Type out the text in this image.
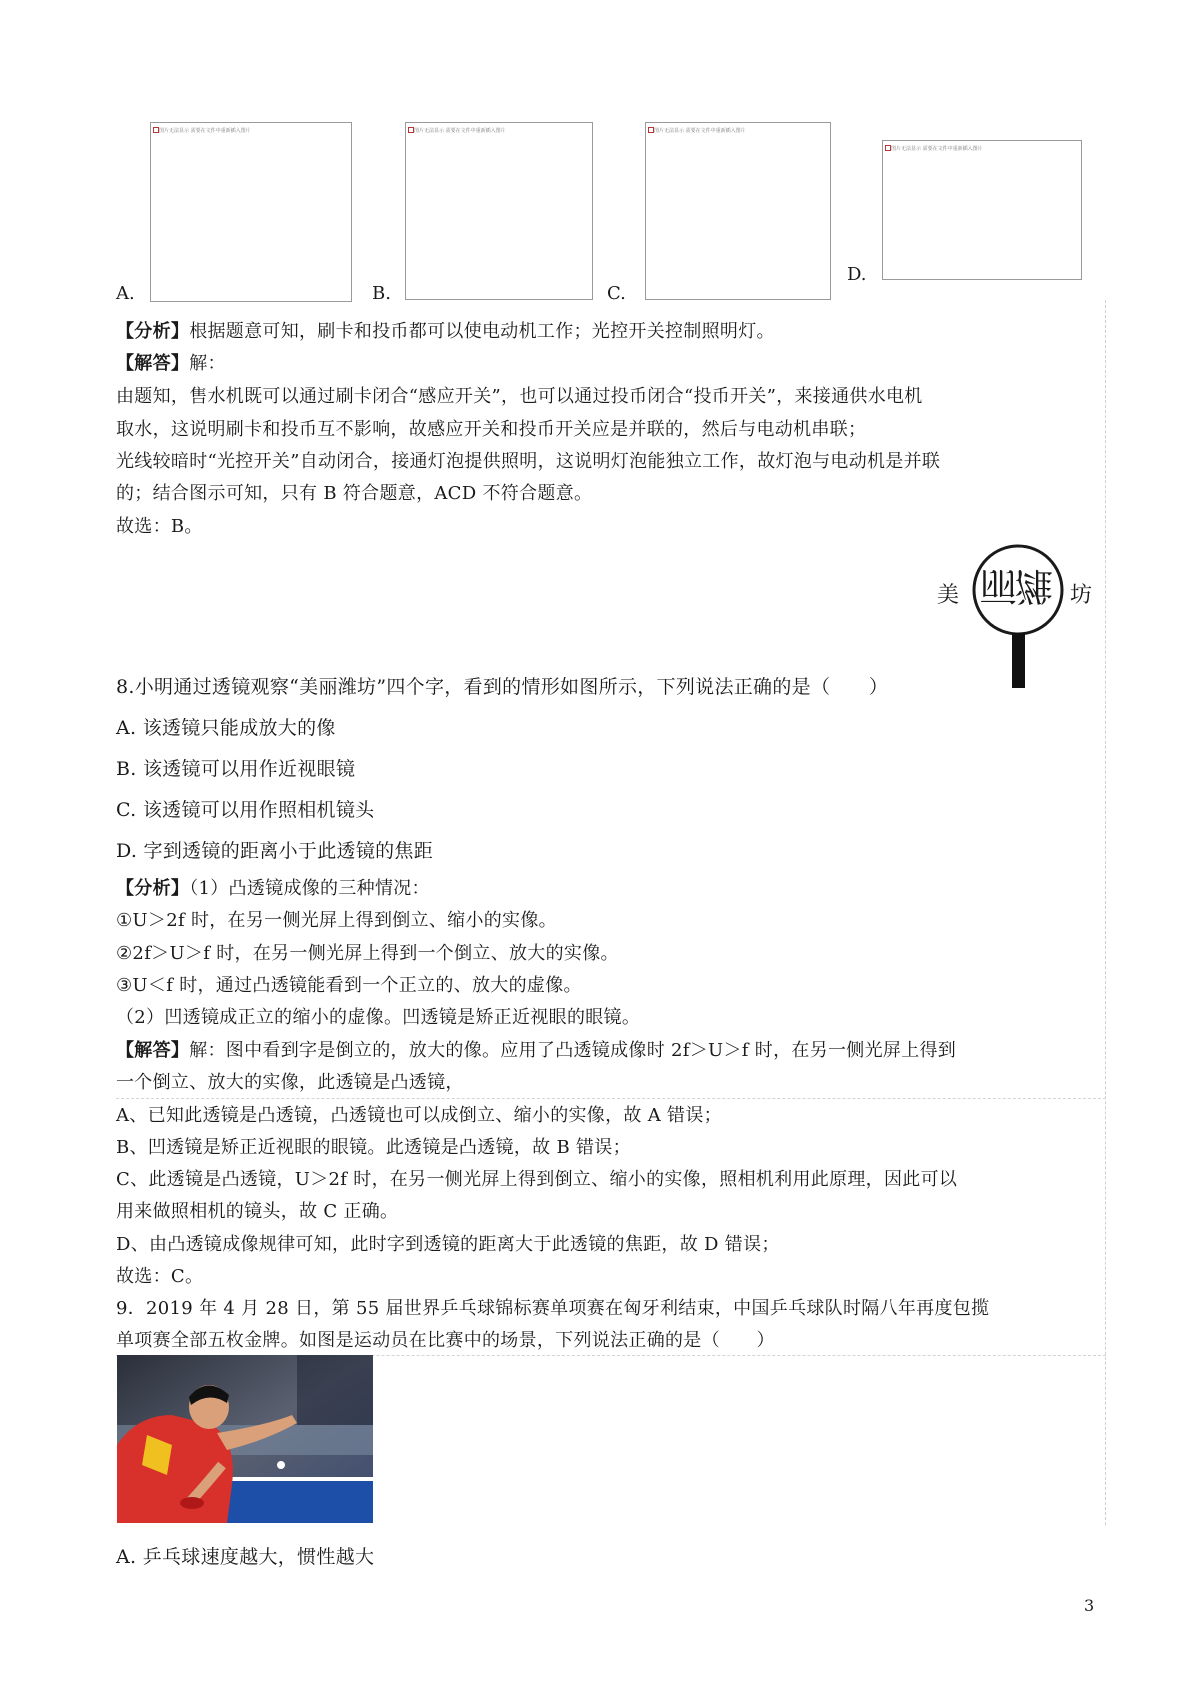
A.
图片无法显示 需要在文件中重新插入图片
B.
图片无法显示 需要在文件中重新插入图片
C.
图片无法显示 需要在文件中重新插入图片
D.
图片无法显示 需要在文件中重新插入图片
【分析】根据题意可知，刷卡和投币都可以使电动机工作；光控开关控制照明灯。
【解答】解：
由题知，售水机既可以通过刷卡闭合“感应开关”，也可以通过投币闭合“投币开关”，来接通供水电机
取水，这说明刷卡和投币互不影响，故感应开关和投币开关应是并联的，然后与电动机串联；
光线较暗时“光控开关”自动闭合，接通灯泡提供照明，这说明灯泡能独立工作，故灯泡与电动机是并联
的；结合图示可知，只有 B 符合题意，ACD 不符合题意。
故选：B。
美	坊
丽潍
8.小明通过透镜观察“美丽潍坊”四个字，看到的情形如图所示，下列说法正确的是（　　）
A. 该透镜只能成放大的像
B. 该透镜可以用作近视眼镜
C. 该透镜可以用作照相机镜头
D. 字到透镜的距离小于此透镜的焦距
【分析】（1）凸透镜成像的三种情况：
①U＞2f 时，在另一侧光屏上得到倒立、缩小的实像。
②2f＞U＞f 时，在另一侧光屏上得到一个倒立、放大的实像。
③U＜f 时，通过凸透镜能看到一个正立的、放大的虚像。
（2）凹透镜成正立的缩小的虚像。凹透镜是矫正近视眼的眼镜。
【解答】解：图中看到字是倒立的，放大的像。应用了凸透镜成像时 2f＞U＞f 时，在另一侧光屏上得到
一个倒立、放大的实像，此透镜是凸透镜，
A、已知此透镜是凸透镜，凸透镜也可以成倒立、缩小的实像，故 A 错误；
B、凹透镜是矫正近视眼的眼镜。此透镜是凸透镜，故 B 错误；
C、此透镜是凸透镜，U＞2f 时，在另一侧光屏上得到倒立、缩小的实像，照相机利用此原理，因此可以
用来做照相机的镜头，故 C 正确。
D、由凸透镜成像规律可知，此时字到透镜的距离大于此透镜的焦距，故 D 错误；
故选：C。
9．2019 年 4 月 28 日，第 55 届世界乒乓球锦标赛单项赛在匈牙利结束，中国乒乓球队时隔八年再度包揽
单项赛全部五枚金牌。如图是运动员在比赛中的场景，下列说法正确的是（　　）
A. 乒乓球速度越大，惯性越大
3
